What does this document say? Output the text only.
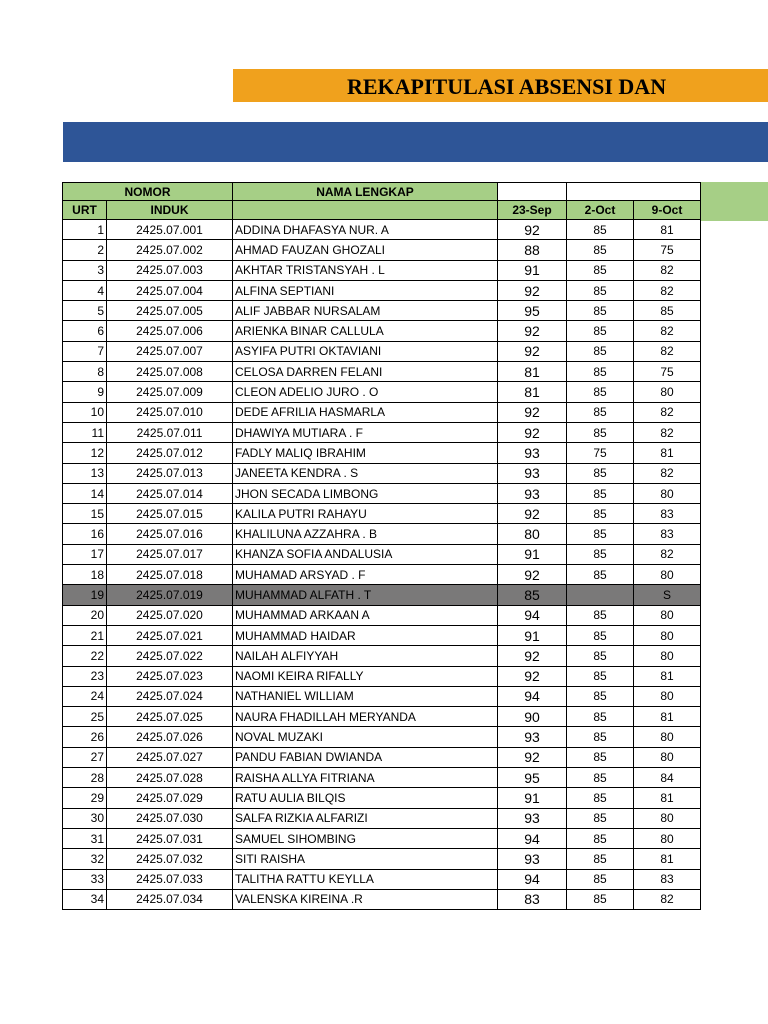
REKAPITULASI ABSENSI DAN
NOMOR		NAMA LENGKAP			
URT	INDUK		23-Sep	2-Oct	9-Oct
1	2425.07.001	ADDINA DHAFASYA NUR. A	92	85	81
2	2425.07.002	AHMAD FAUZAN GHOZALI	88	85	75
3	2425.07.003	AKHTAR TRISTANSYAH . L	91	85	82
4	2425.07.004	ALFINA SEPTIANI	92	85	82
5	2425.07.005	ALIF JABBAR NURSALAM	95	85	85
6	2425.07.006	ARIENKA BINAR CALLULA	92	85	82
7	2425.07.007	ASYIFA PUTRI OKTAVIANI	92	85	82
8	2425.07.008	CELOSA DARREN FELANI	81	85	75
9	2425.07.009	CLEON ADELIO JURO . O	81	85	80
10	2425.07.010	DEDE AFRILIA HASMARLA	92	85	82
11	2425.07.011	DHAWIYA MUTIARA . F	92	85	82
12	2425.07.012	FADLY MALIQ IBRAHIM	93	75	81
13	2425.07.013	JANEETA KENDRA . S	93	85	82
14	2425.07.014	JHON SECADA LIMBONG	93	85	80
15	2425.07.015	KALILA PUTRI RAHAYU	92	85	83
16	2425.07.016	KHALILUNA AZZAHRA . B	80	85	83
17	2425.07.017	KHANZA SOFIA ANDALUSIA	91	85	82
18	2425.07.018	MUHAMAD ARSYAD . F	92	85	80
19	2425.07.019	MUHAMMAD ALFATH . T	85		S
20	2425.07.020	MUHAMMAD ARKAAN A	94	85	80
21	2425.07.021	MUHAMMAD HAIDAR	91	85	80
22	2425.07.022	NAILAH ALFIYYAH	92	85	80
23	2425.07.023	NAOMI KEIRA RIFALLY	92	85	81
24	2425.07.024	NATHANIEL WILLIAM	94	85	80
25	2425.07.025	NAURA FHADILLAH MERYANDA	90	85	81
26	2425.07.026	NOVAL MUZAKI	93	85	80
27	2425.07.027	PANDU FABIAN DWIANDA	92	85	80
28	2425.07.028	RAISHA ALLYA FITRIANA	95	85	84
29	2425.07.029	RATU AULIA BILQIS	91	85	81
30	2425.07.030	SALFA RIZKIA ALFARIZI	93	85	80
31	2425.07.031	SAMUEL SIHOMBING	94	85	80
32	2425.07.032	SITI RAISHA	93	85	81
33	2425.07.033	TALITHA RATTU KEYLLA	94	85	83
34	2425.07.034	VALENSKA KIREINA .R	83	85	82
